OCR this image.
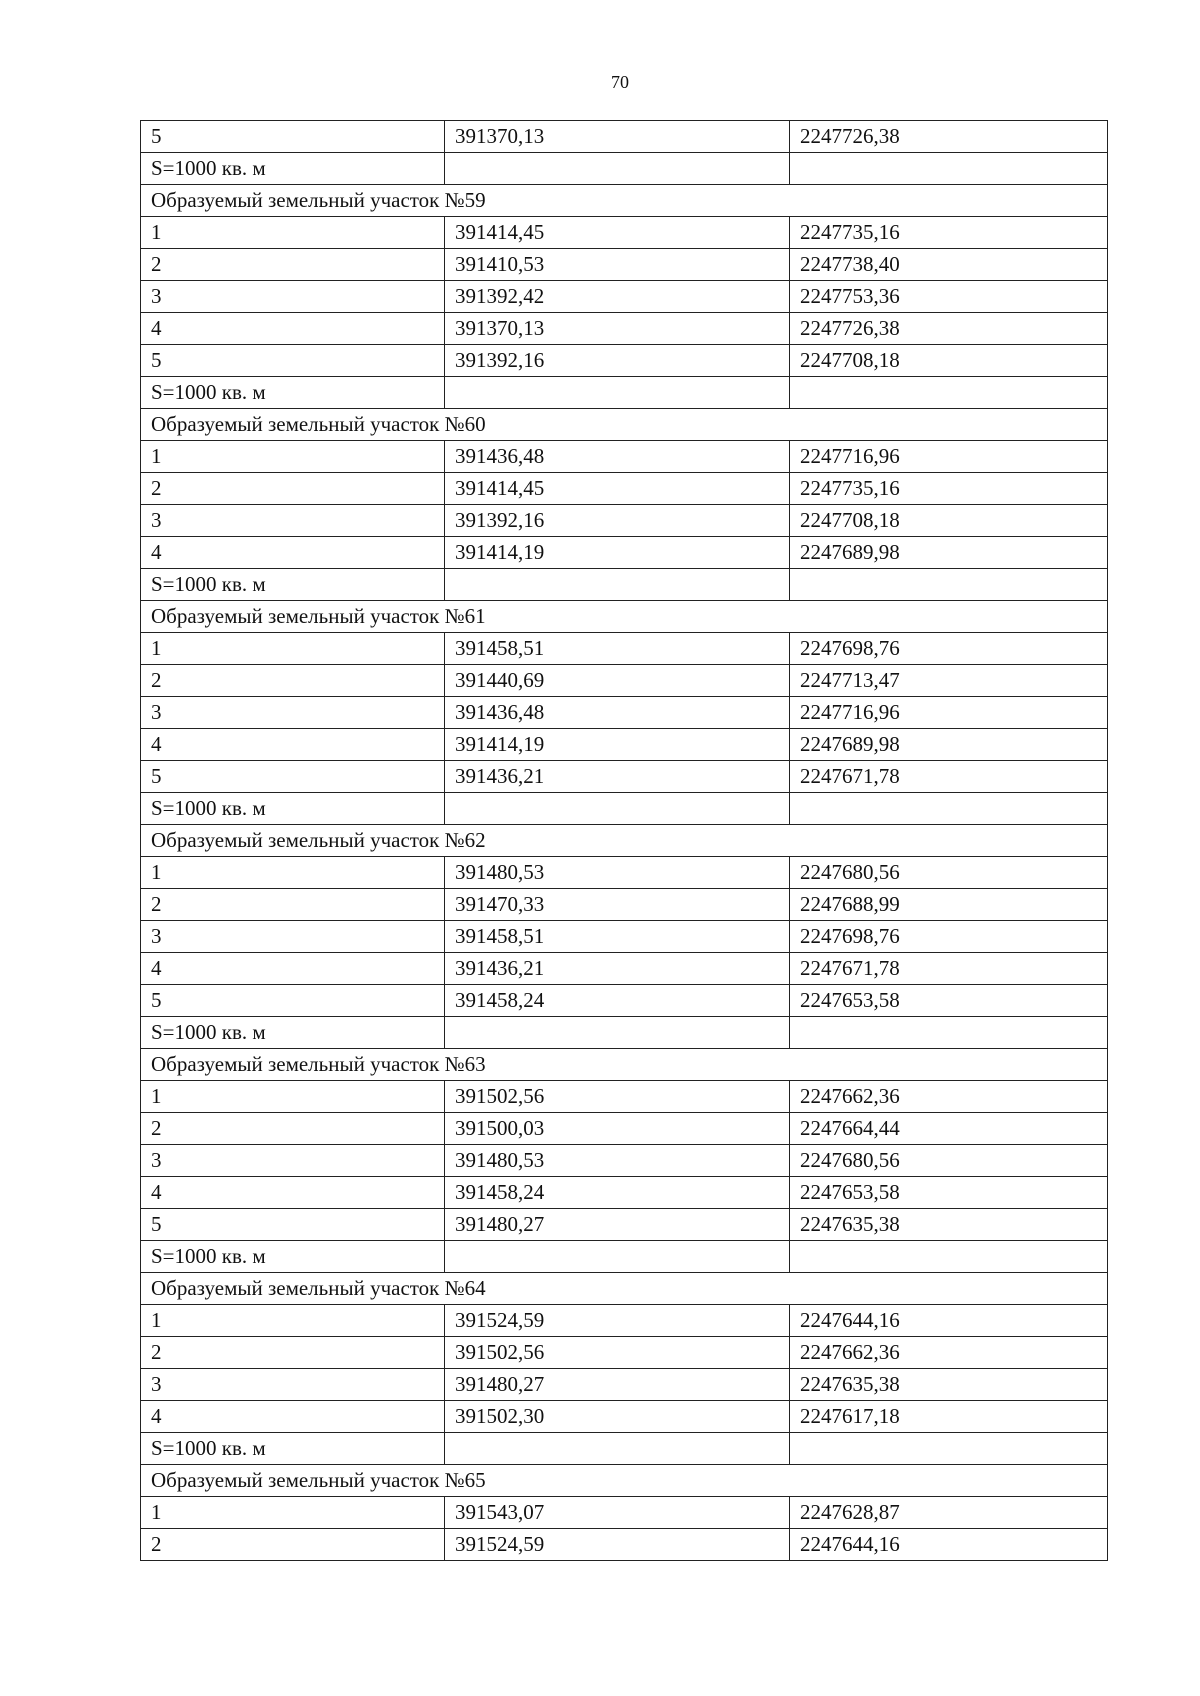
70
5	391370,13	2247726,38
S=1000 кв. м		
Образуемый земельный участок №59		
1	391414,45	2247735,16
2	391410,53	2247738,40
3	391392,42	2247753,36
4	391370,13	2247726,38
5	391392,16	2247708,18
S=1000 кв. м		
Образуемый земельный участок №60		
1	391436,48	2247716,96
2	391414,45	2247735,16
3	391392,16	2247708,18
4	391414,19	2247689,98
S=1000 кв. м		
Образуемый земельный участок №61		
1	391458,51	2247698,76
2	391440,69	2247713,47
3	391436,48	2247716,96
4	391414,19	2247689,98
5	391436,21	2247671,78
S=1000 кв. м		
Образуемый земельный участок №62		
1	391480,53	2247680,56
2	391470,33	2247688,99
3	391458,51	2247698,76
4	391436,21	2247671,78
5	391458,24	2247653,58
S=1000 кв. м		
Образуемый земельный участок №63		
1	391502,56	2247662,36
2	391500,03	2247664,44
3	391480,53	2247680,56
4	391458,24	2247653,58
5	391480,27	2247635,38
S=1000 кв. м		
Образуемый земельный участок №64		
1	391524,59	2247644,16
2	391502,56	2247662,36
3	391480,27	2247635,38
4	391502,30	2247617,18
S=1000 кв. м		
Образуемый земельный участок №65		
1	391543,07	2247628,87
2	391524,59	2247644,16
